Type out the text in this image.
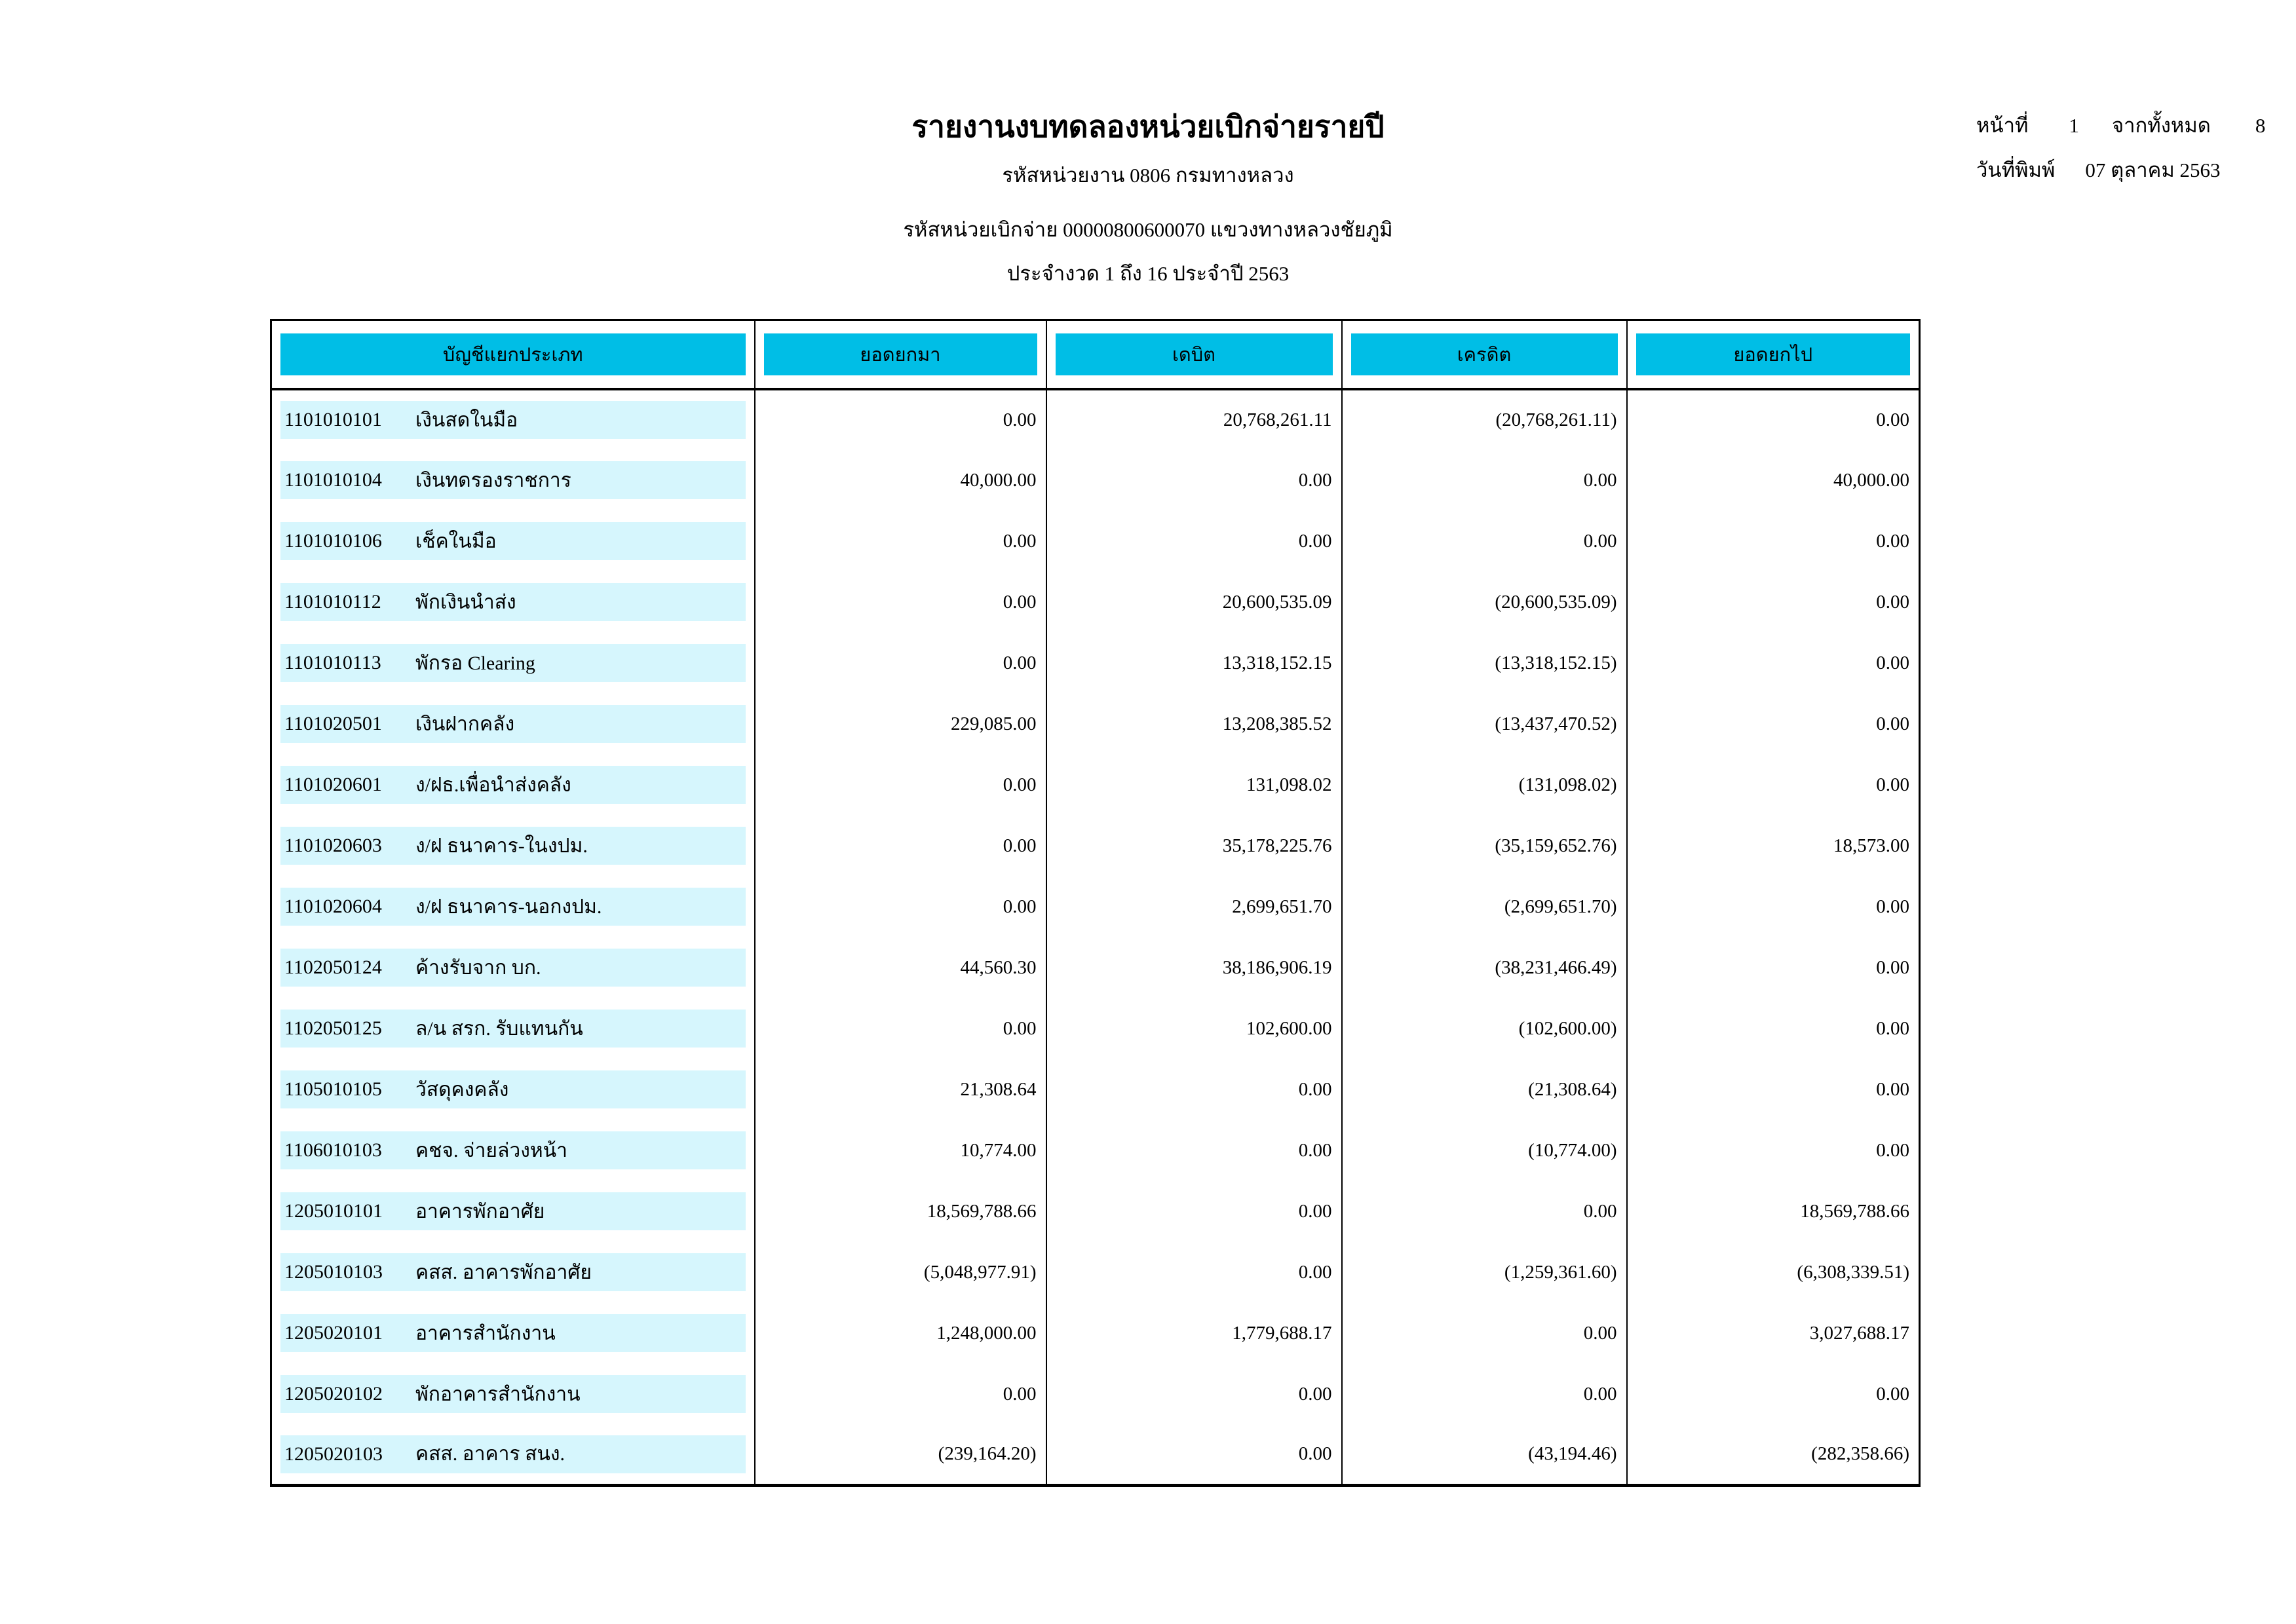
รายงานงบทดลองหน่วยเบิกจ่ายรายปี
รหัสหน่วยงาน 0806 กรมทางหลวง
รหัสหน่วยเบิกจ่าย 00000800600070 แขวงทางหลวงชัยภูมิ
ประจำงวด 1 ถึง 16 ประจำปี 2563
หน้าที่ 1 จากทั้งหมด 8
วันที่พิมพ์ 07 ตุลาคม 2563
บัญชีแยกประเภท	ยอดยกมา	เดบิต	เครดิต	ยอดยกไป

1101010101 เงินสดในมือ	0.00	20,768,261.11	(20,768,261.11)	0.00

1101010104 เงินทดรองราชการ	40,000.00	0.00	0.00	40,000.00

1101010106 เช็คในมือ	0.00	0.00	0.00	0.00

1101010112 พักเงินนำส่ง	0.00	20,600,535.09	(20,600,535.09)	0.00

1101010113 พักรอ Clearing	0.00	13,318,152.15	(13,318,152.15)	0.00

1101020501 เงินฝากคลัง	229,085.00	13,208,385.52	(13,437,470.52)	0.00

1101020601 ง/ฝธ.เพื่อนำส่งคลัง	0.00	131,098.02	(131,098.02)	0.00

1101020603 ง/ฝ ธนาคาร-ในงปม.	0.00	35,178,225.76	(35,159,652.76)	18,573.00

1101020604 ง/ฝ ธนาคาร-นอกงปม.	0.00	2,699,651.70	(2,699,651.70)	0.00

1102050124 ค้างรับจาก บก.	44,560.30	38,186,906.19	(38,231,466.49)	0.00

1102050125 ล/น สรก. รับแทนกัน	0.00	102,600.00	(102,600.00)	0.00

1105010105 วัสดุคงคลัง	21,308.64	0.00	(21,308.64)	0.00

1106010103 คชจ. จ่ายล่วงหน้า	10,774.00	0.00	(10,774.00)	0.00

1205010101 อาคารพักอาศัย	18,569,788.66	0.00	0.00	18,569,788.66

1205010103 คสส. อาคารพักอาศัย	(5,048,977.91)	0.00	(1,259,361.60)	(6,308,339.51)

1205020101 อาคารสำนักงาน	1,248,000.00	1,779,688.17	0.00	3,027,688.17

1205020102 พักอาคารสำนักงาน	0.00	0.00	0.00	0.00

1205020103 คสส. อาคาร สนง.	(239,164.20)	0.00	(43,194.46)	(282,358.66)
